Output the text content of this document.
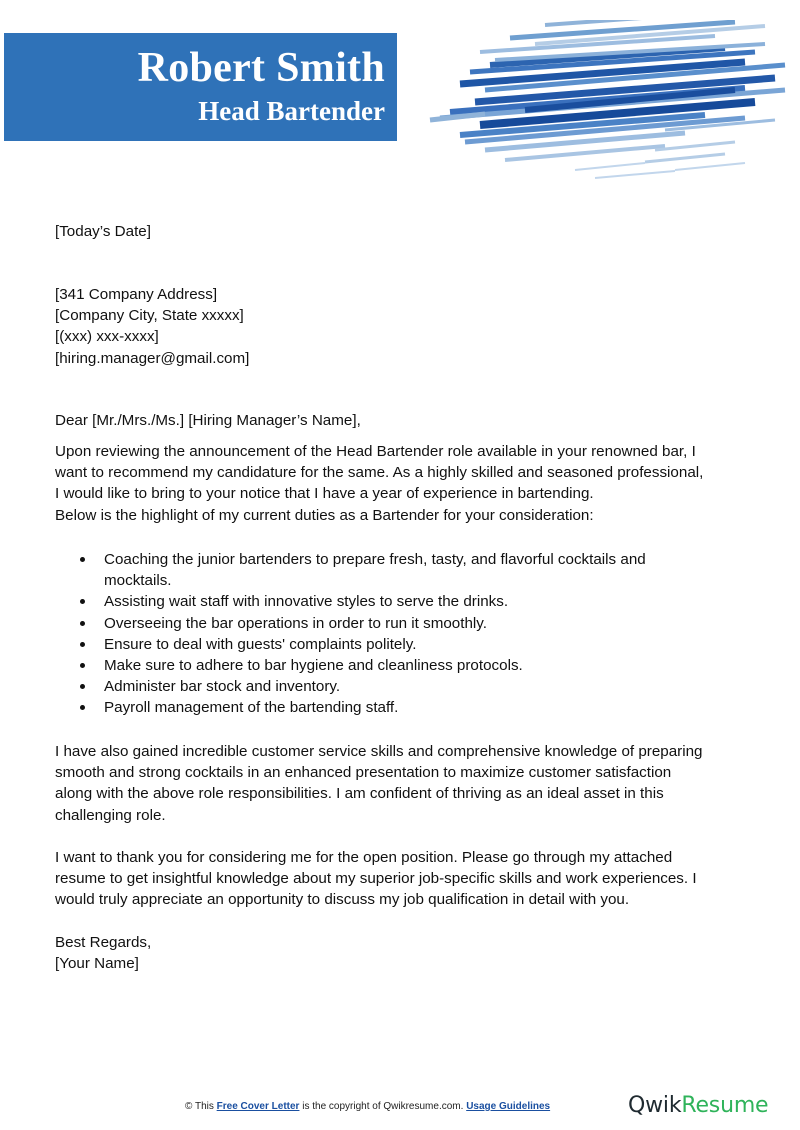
Robert Smith
Head Bartender
[Today’s Date]
[341 Company Address]
[Company City, State xxxxx]
[(xxx) xxx-xxxx]
[hiring.manager@gmail.com]
Dear [Mr./Mrs./Ms.] [Hiring Manager’s Name],
Upon reviewing the announcement of the Head Bartender role available in your renowned bar, I
want to recommend my candidature for the same. As a highly skilled and seasoned professional,
I would like to bring to your notice that I have a year of experience in bartending.
Below is the highlight of my current duties as a Bartender for your consideration:
Coaching the junior bartenders to prepare fresh, tasty, and flavorful cocktails and
mocktails.
Assisting wait staff with innovative styles to serve the drinks.
Overseeing the bar operations in order to run it smoothly.
Ensure to deal with guests' complaints politely.
Make sure to adhere to bar hygiene and cleanliness protocols.
Administer bar stock and inventory.
Payroll management of the bartending staff.
I have also gained incredible customer service skills and comprehensive knowledge of preparing
smooth and strong cocktails in an enhanced presentation to maximize customer satisfaction
along with the above role responsibilities. I am confident of thriving as an ideal asset in this
challenging role.
I want to thank you for considering me for the open position. Please go through my attached
resume to get insightful knowledge about my superior job-specific skills and work experiences. I
would truly appreciate an opportunity to discuss my job qualification in detail with you.
Best Regards,
[Your Name]
© This Free Cover Letter is the copyright of Qwikresume.com. Usage Guidelines	QwikResume
